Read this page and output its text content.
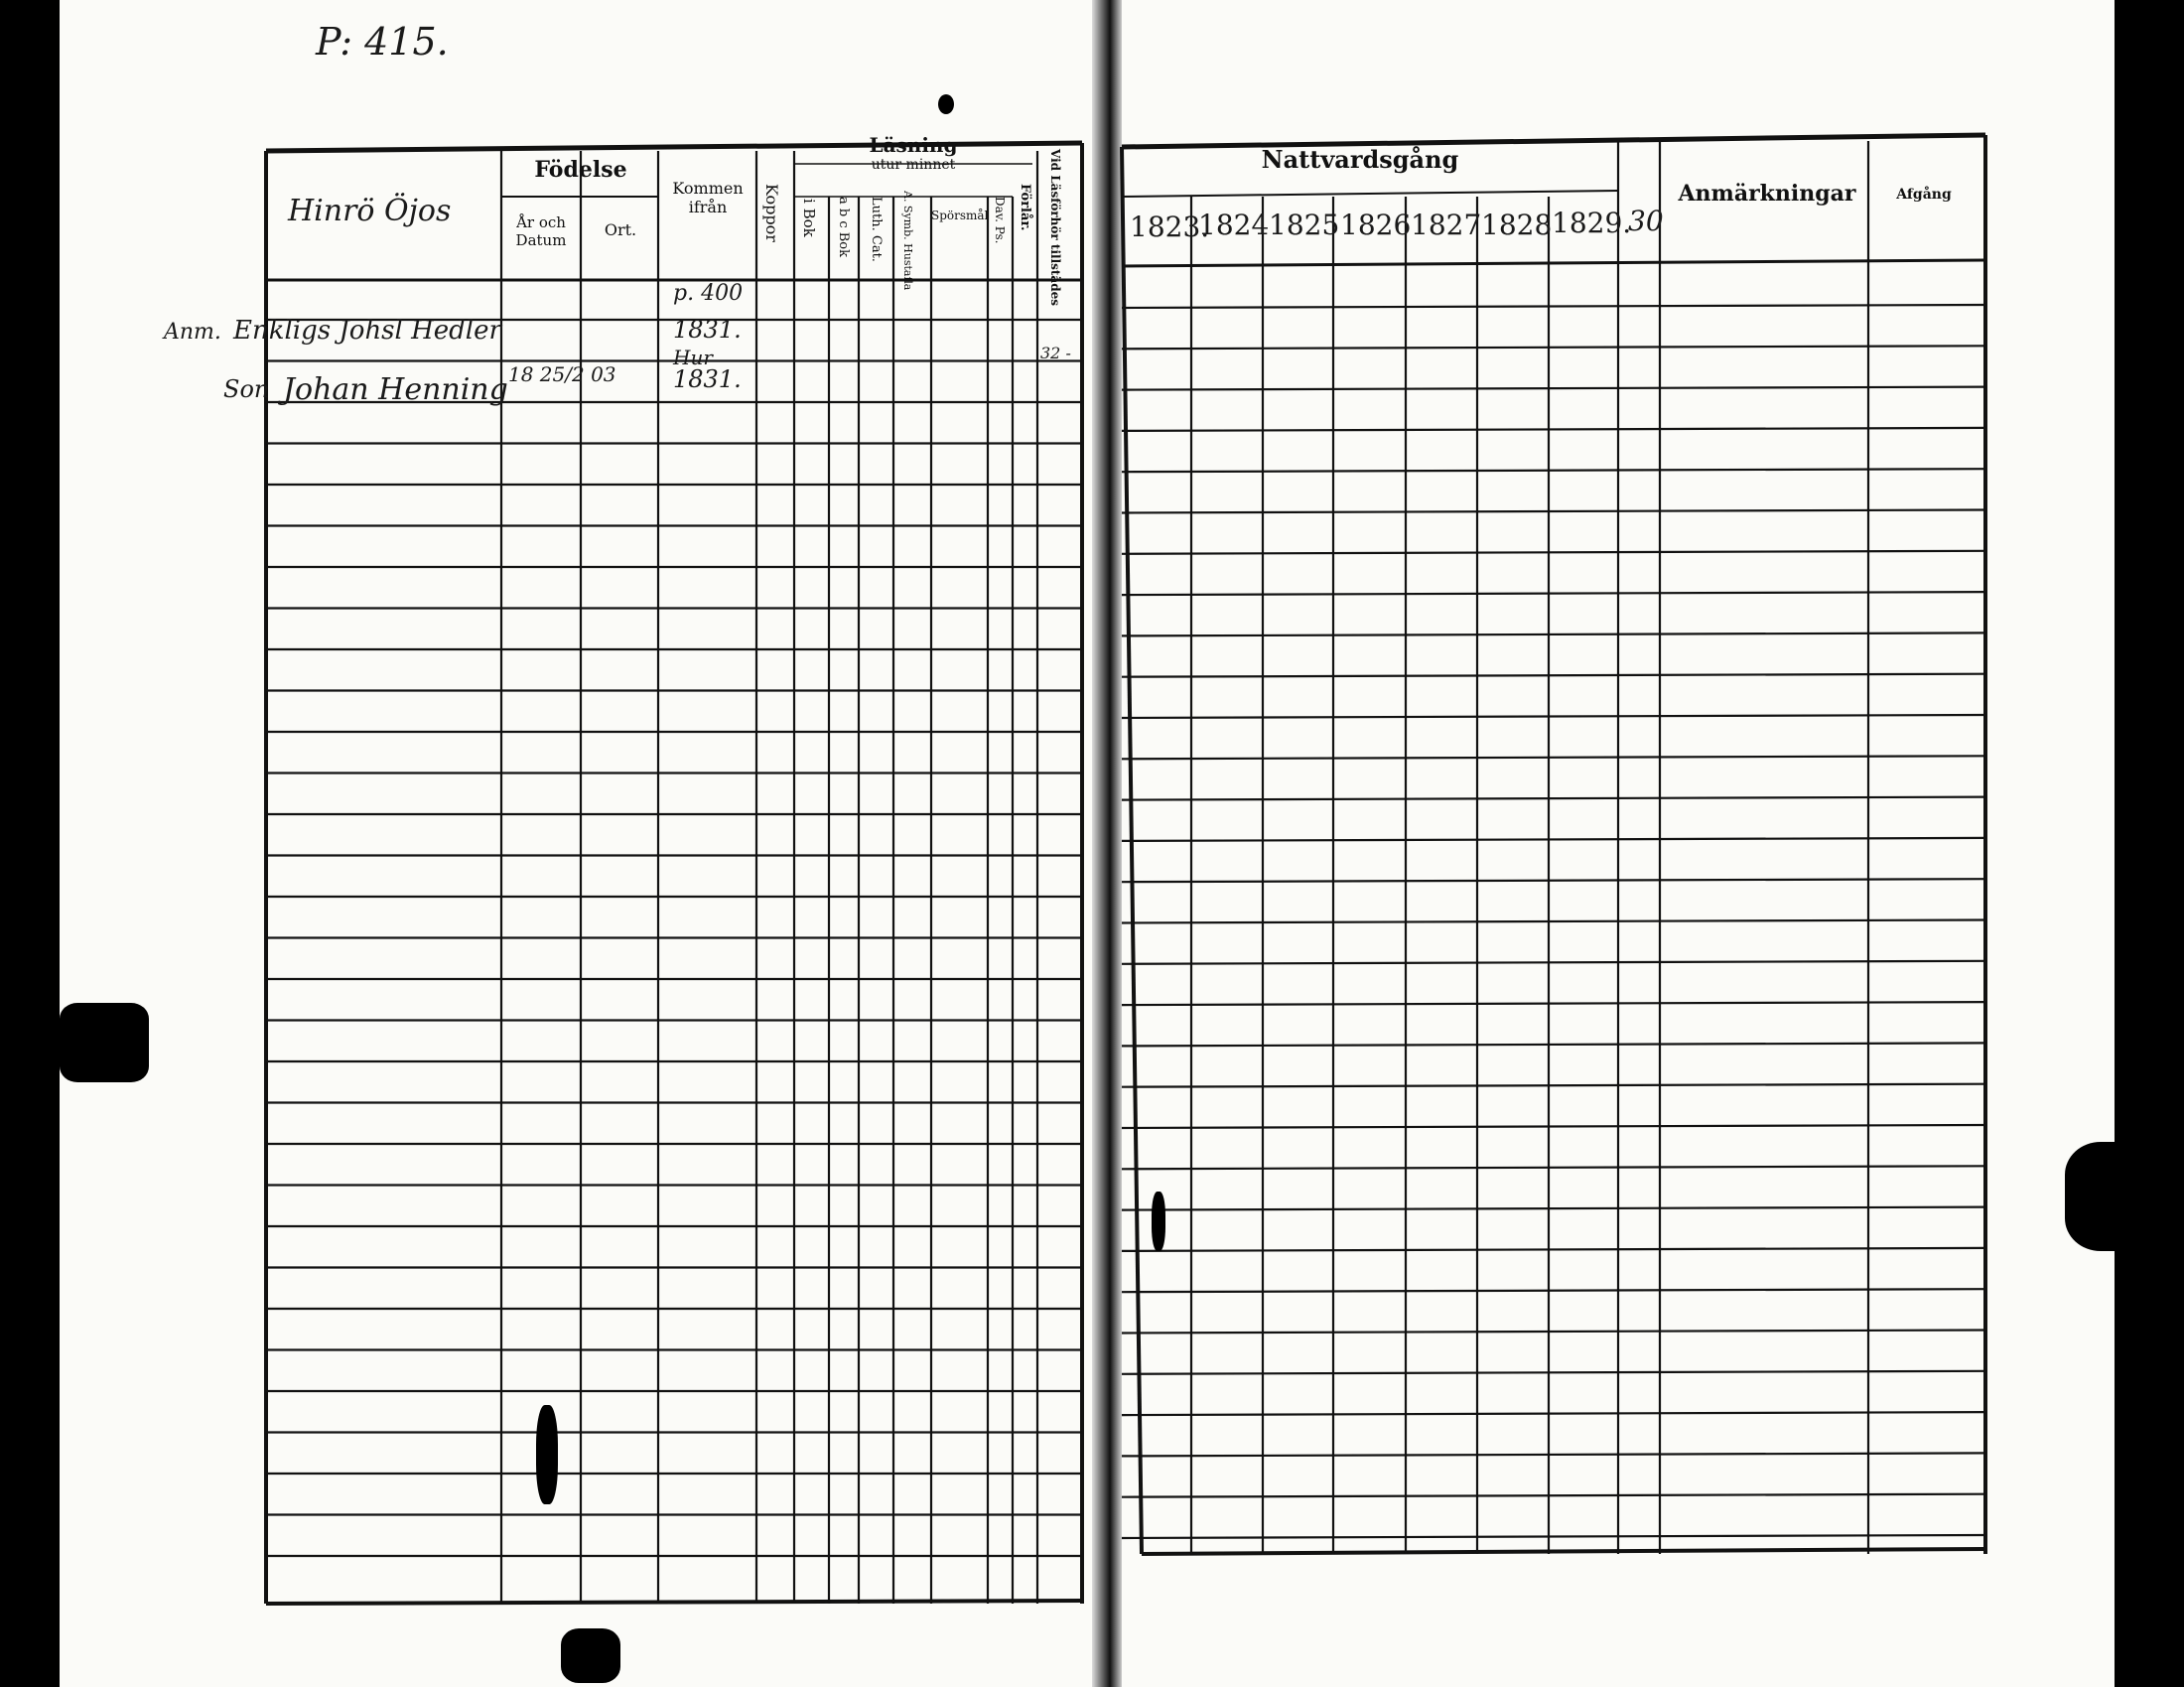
P: 415.
Hinrö Öjos
Födelse
År och Datum
Ort.
Kommen ifrån	Koppor
Läsning
utur minnet
i Bok a b c Bok Luth. Cat. A. Symb. Hustafla Spörsmål Dav. Ps. Förlår. Vid Läsförhör tillstädes
Anm. Enkligs Johsl Hedler
p. 400
1831.
Son Johan Henning 18 25/2 03
Hur
1831.
32 -
Nattvardsgång
1823.
1824 1825 1826 1827 1828 1829.
30
Anmärkningar	Afgång
